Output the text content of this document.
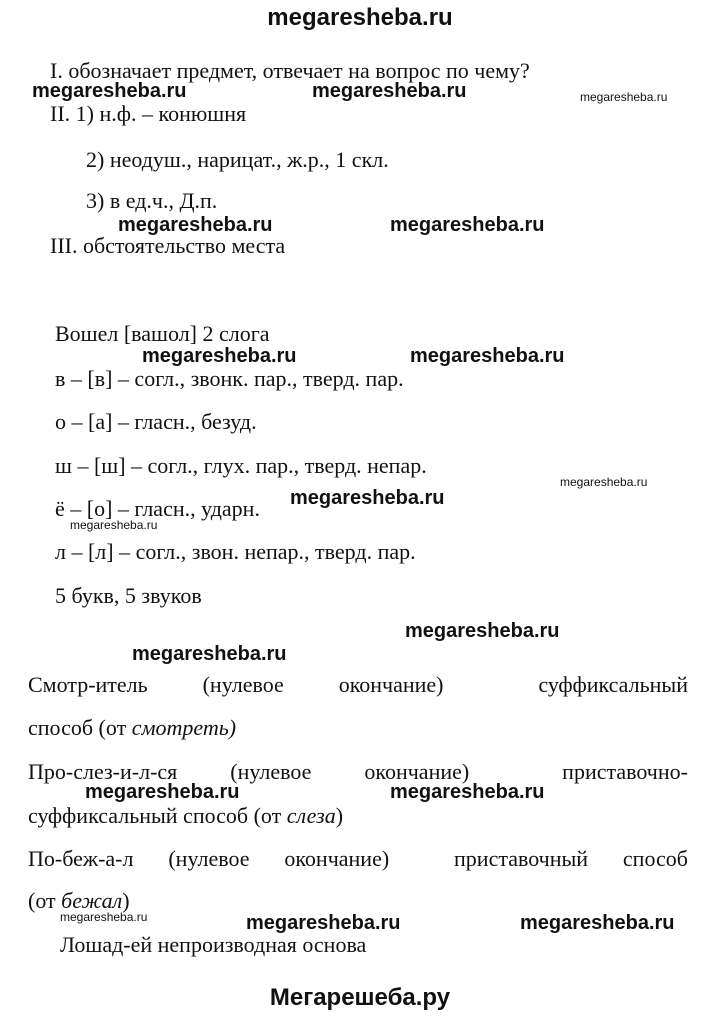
megaresheba.ru
I. обозначает предмет, отвечает на вопрос по чему?
II. 1) н.ф. – конюшня
2) неодуш., нарицат., ж.р., 1 скл.
3) в ед.ч., Д.п.
III. обстоятельство места
Вошел [вашол] 2 слога
в – [в] – согл., звонк. пар., тверд. пар.
о – [а] – гласн., безуд.
ш – [ш] – согл., глух. пар., тверд. непар.
ё – [о] – гласн., ударн.
л – [л] – согл., звон. непар., тверд. пар.
5 букв, 5 звуков
Смотр-итель (нулевое окончание)	суффиксальный
способ (от смотреть)
Про-слез-и-л-ся (нулевое окончание)	приставочно-
суффиксальный способ (от слеза)
По-беж-а-л (нулевое окончание)	приставочный способ
(от бежал)
Лошад-ей непроизводная основа
megaresheba.ru	megaresheba.ru	megaresheba.ru
megaresheba.ru	megaresheba.ru
megaresheba.ru	megaresheba.ru
megaresheba.ru
megaresheba.ru
megaresheba.ru
megaresheba.ru
megaresheba.ru
megaresheba.ru	megaresheba.ru
megaresheba.ru	megaresheba.ru	megaresheba.ru
Мегарешеба.ру
